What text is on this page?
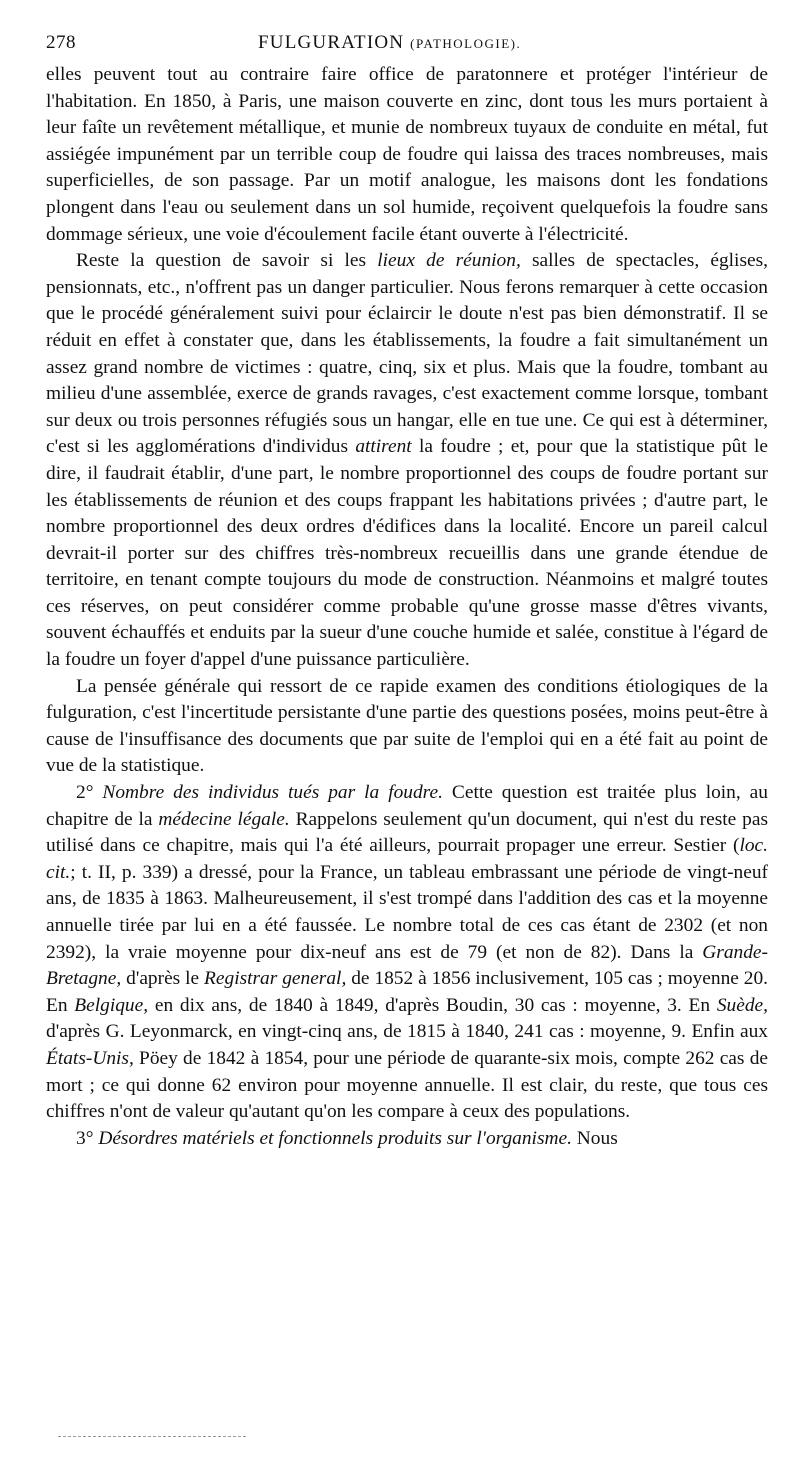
278	FULGURATION (PATHOLOGIE).

elles peuvent tout au contraire faire office de paratonnere et protéger l'intérieur de l'habitation. En 1850, à Paris, une maison couverte en zinc, dont tous les murs portaient à leur faîte un revêtement métallique, et munie de nombreux tuyaux de conduite en métal, fut assiégée impunément par un terrible coup de foudre qui laissa des traces nombreuses, mais superficielles, de son passage. Par un motif analogue, les maisons dont les fondations plongent dans l'eau ou seulement dans un sol humide, reçoivent quelquefois la foudre sans dommage sérieux, une voie d'écoulement facile étant ouverte à l'électricité.

Reste la question de savoir si les lieux de réunion, salles de spectacles, églises, pensionnats, etc., n'offrent pas un danger particulier. Nous ferons remarquer à cette occasion que le procédé généralement suivi pour éclaircir le doute n'est pas bien démonstratif. Il se réduit en effet à constater que, dans les établissements, la foudre a fait simultanément un assez grand nombre de victimes : quatre, cinq, six et plus. Mais que la foudre, tombant au milieu d'une assemblée, exerce de grands ravages, c'est exactement comme lorsque, tombant sur deux ou trois personnes réfugiés sous un hangar, elle en tue une. Ce qui est à déterminer, c'est si les agglomérations d'individus attirent la foudre ; et, pour que la statistique pût le dire, il faudrait établir, d'une part, le nombre proportionnel des coups de foudre portant sur les établissements de réunion et des coups frappant les habitations privées ; d'autre part, le nombre proportionnel des deux ordres d'édifices dans la localité. Encore un pareil calcul devrait-il porter sur des chiffres très-nombreux recueillis dans une grande étendue de territoire, en tenant compte toujours du mode de construction. Néanmoins et malgré toutes ces réserves, on peut considérer comme probable qu'une grosse masse d'êtres vivants, souvent échauffés et enduits par la sueur d'une couche humide et salée, constitue à l'égard de la foudre un foyer d'appel d'une puissance particulière.

La pensée générale qui ressort de ce rapide examen des conditions étiologiques de la fulguration, c'est l'incertitude persistante d'une partie des questions posées, moins peut-être à cause de l'insuffisance des documents que par suite de l'emploi qui en a été fait au point de vue de la statistique.

2° Nombre des individus tués par la foudre. Cette question est traitée plus loin, au chapitre de la médecine légale. Rappelons seulement qu'un document, qui n'est du reste pas utilisé dans ce chapitre, mais qui l'a été ailleurs, pourrait propager une erreur. Sestier (loc. cit.; t. II, p. 339) a dressé, pour la France, un tableau embrassant une période de vingt-neuf ans, de 1835 à 1863. Malheureusement, il s'est trompé dans l'addition des cas et la moyenne annuelle tirée par lui en a été faussée. Le nombre total de ces cas étant de 2302 (et non 2392), la vraie moyenne pour dix-neuf ans est de 79 (et non de 82). Dans la Grande-Bretagne, d'après le Registrar general, de 1852 à 1856 inclusivement, 105 cas ; moyenne 20. En Belgique, en dix ans, de 1840 à 1849, d'après Boudin, 30 cas : moyenne, 3. En Suède, d'après G. Leyonmarck, en vingt-cinq ans, de 1815 à 1840, 241 cas : moyenne, 9. Enfin aux États-Unis, Pöey de 1842 à 1854, pour une période de quarante-six mois, compte 262 cas de mort ; ce qui donne 62 environ pour moyenne annuelle. Il est clair, du reste, que tous ces chiffres n'ont de valeur qu'autant qu'on les compare à ceux des populations.

3° Désordres matériels et fonctionnels produits sur l'organisme. Nous
